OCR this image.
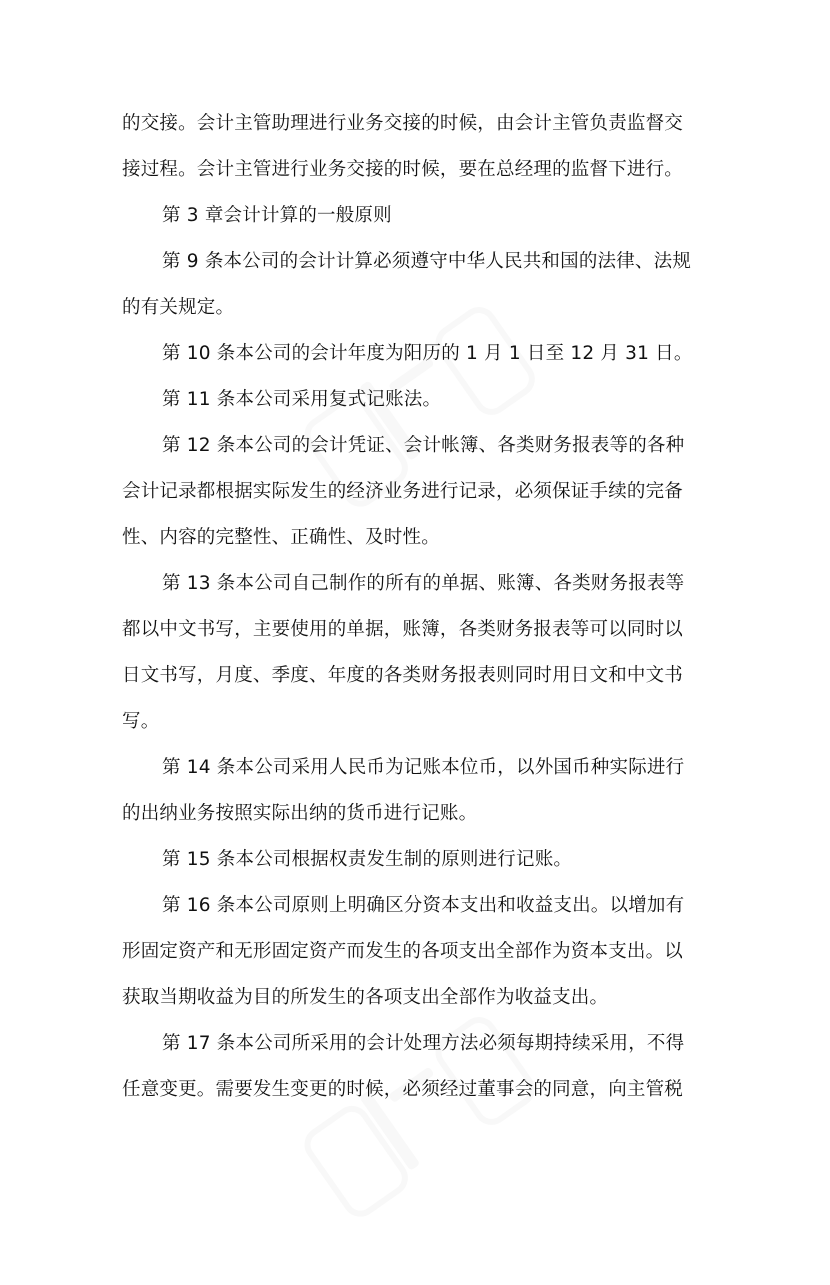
的交接。会计主管助理进行业务交接的时候，由会计主管负责监督交
接过程。会计主管进行业务交接的时候，要在总经理的监督下进行。
第 3 章会计计算的一般原则
第 9 条本公司的会计计算必须遵守中华人民共和国的法律、法规
的有关规定。
第 10 条本公司的会计年度为阳历的 1 月 1 日至 12 月 31 日。
第 11 条本公司采用复式记账法。
第 12 条本公司的会计凭证、会计帐簿、各类财务报表等的各种
会计记录都根据实际发生的经济业务进行记录，必须保证手续的完备
性、内容的完整性、正确性、及时性。
第 13 条本公司自己制作的所有的单据、账簿、各类财务报表等
都以中文书写，主要使用的单据，账簿，各类财务报表等可以同时以
日文书写，月度、季度、年度的各类财务报表则同时用日文和中文书
写。
第 14 条本公司采用人民币为记账本位币，以外国币种实际进行
的出纳业务按照实际出纳的货币进行记账。
第 15 条本公司根据权责发生制的原则进行记账。
第 16 条本公司原则上明确区分资本支出和收益支出。以增加有
形固定资产和无形固定资产而发生的各项支出全部作为资本支出。以
获取当期收益为目的所发生的各项支出全部作为收益支出。
第 17 条本公司所采用的会计处理方法必须每期持续采用，不得
任意变更。需要发生变更的时候，必须经过董事会的同意，向主管税
